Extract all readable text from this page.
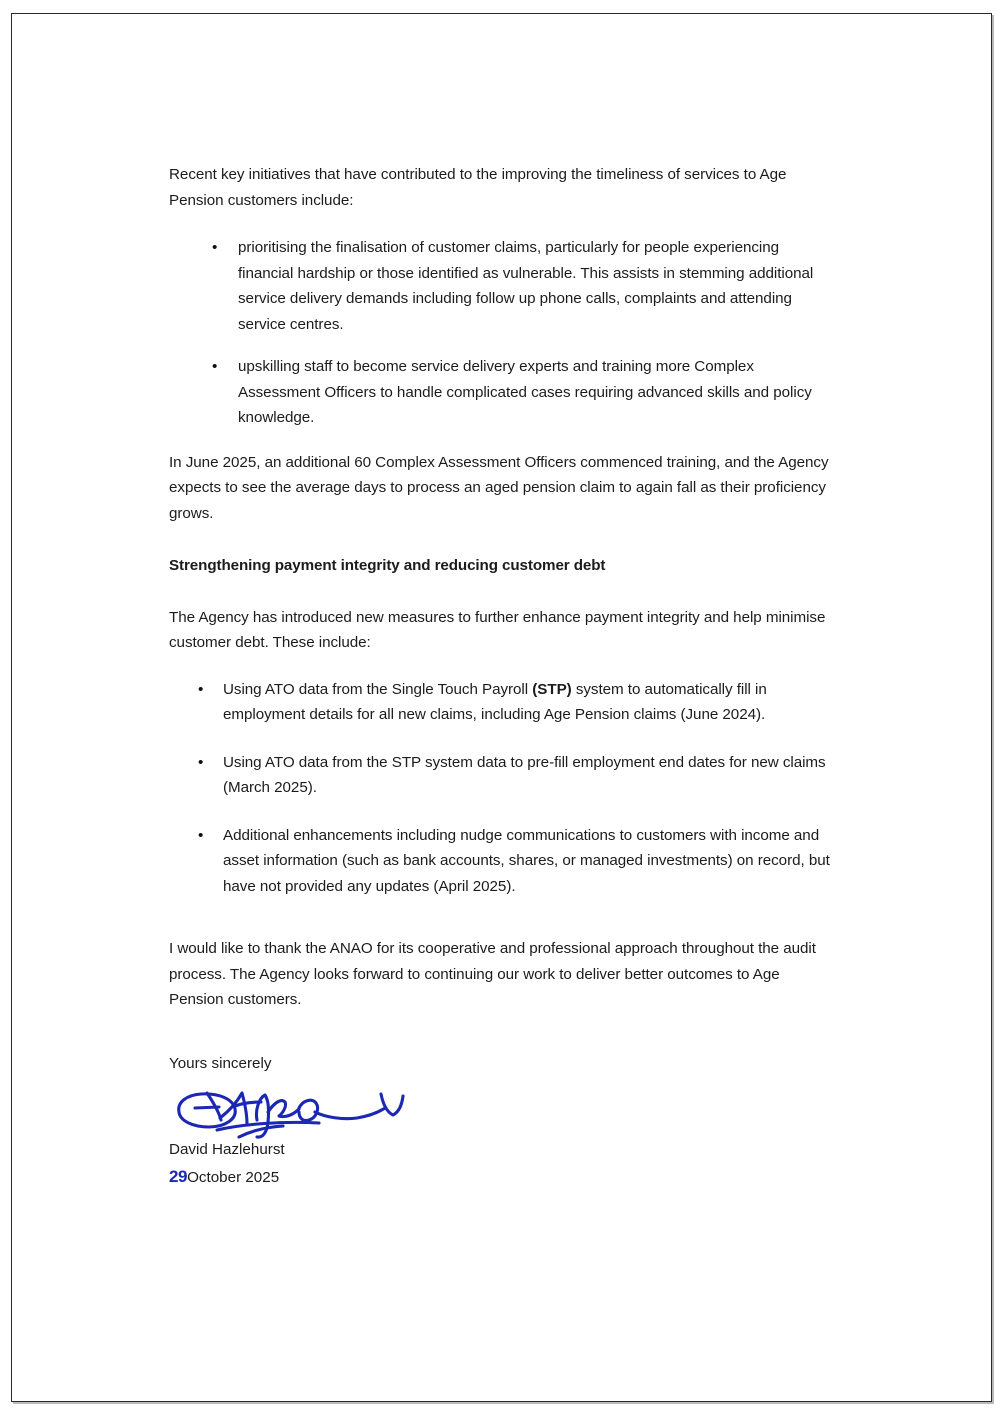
Recent key initiatives that have contributed to the improving the timeliness of services to Age Pension customers include:

• prioritising the finalisation of customer claims, particularly for people experiencing financial hardship or those identified as vulnerable. This assists in stemming additional service delivery demands including follow up phone calls, complaints and attending service centres.
• upskilling staff to become service delivery experts and training more Complex Assessment Officers to handle complicated cases requiring advanced skills and policy knowledge.

In June 2025, an additional 60 Complex Assessment Officers commenced training, and the Agency expects to see the average days to process an aged pension claim to again fall as their proficiency grows.

Strengthening payment integrity and reducing customer debt

The Agency has introduced new measures to further enhance payment integrity and help minimise customer debt. These include:

• Using ATO data from the Single Touch Payroll (STP) system to automatically fill in employment details for all new claims, including Age Pension claims (June 2024).
• Using ATO data from the STP system data to pre-fill employment end dates for new claims (March 2025).
• Additional enhancements including nudge communications to customers with income and asset information (such as bank accounts, shares, or managed investments) on record, but have not provided any updates (April 2025).

I would like to thank the ANAO for its cooperative and professional approach throughout the audit process. The Agency looks forward to continuing our work to deliver better outcomes to Age Pension customers.

Yours sincerely
David Hazlehurst
29October 2025
